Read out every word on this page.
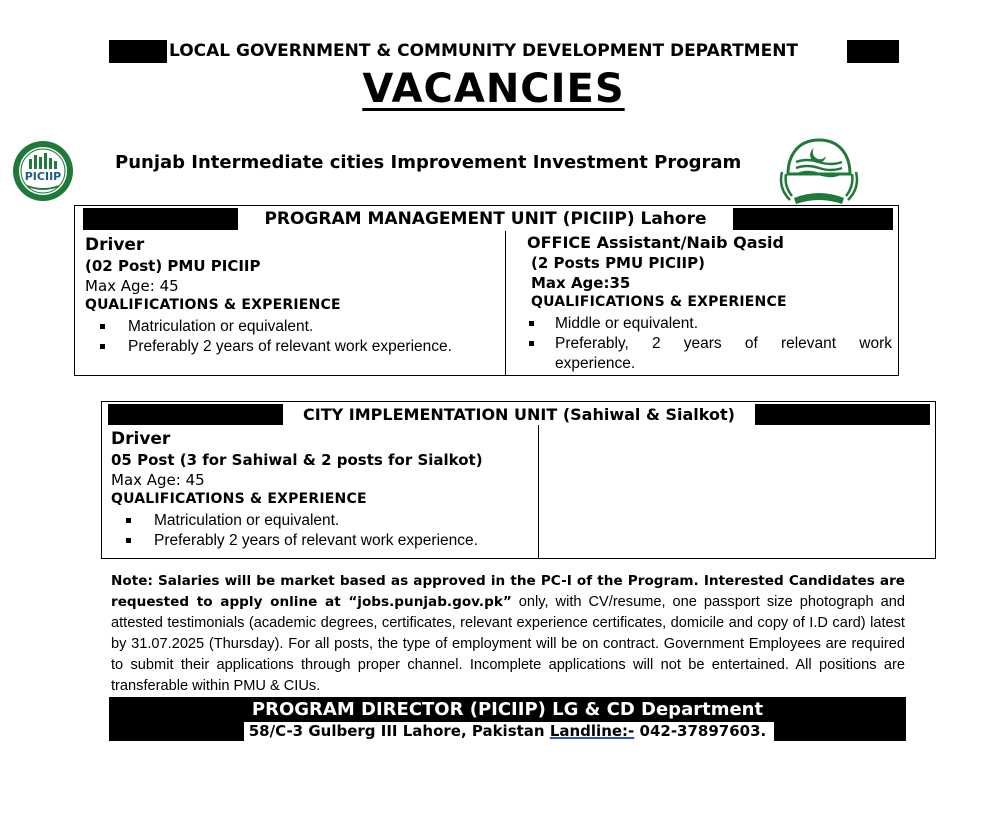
LOCAL GOVERNMENT & COMMUNITY DEVELOPMENT DEPARTMENT
VACANCIES
PICIIP
Punjab Intermediate cities Improvement Investment Program
PROGRAM MANAGEMENT UNIT (PICIIP) Lahore
Driver
(02 Post) PMU PICIIP
Max Age: 45
QUALIFICATIONS & EXPERIENCE
Matriculation or equivalent.
Preferably 2 years of relevant work experience.
OFFICE Assistant/Naib Qasid
(2 Posts PMU PICIIP)
Max Age:35
QUALIFICATIONS & EXPERIENCE
Middle or equivalent.
Preferably, 2 years of relevant work
experience.
CITY IMPLEMENTATION UNIT (Sahiwal & Sialkot)
Driver
05 Post (3 for Sahiwal & 2 posts for Sialkot)
Max Age: 45
QUALIFICATIONS & EXPERIENCE
Matriculation or equivalent.
Preferably 2 years of relevant work experience.
Note: Salaries will be market based as approved in the PC-I of the Program. Interested Candidates are requested to apply online at “jobs.punjab.gov.pk” only, with CV/resume, one passport size photograph and attested testimonials (academic degrees, certificates, relevant experience certificates, domicile and copy of I.D card) latest by 31.07.2025 (Thursday). For all posts, the type of employment will be on contract. Government Employees are required to submit their applications through proper channel. Incomplete applications will not be entertained. All positions are transferable within PMU & CIUs.
PROGRAM DIRECTOR (PICIIP) LG & CD Department
58/C-3 Gulberg III Lahore, Pakistan Landline:- 042-37897603.
